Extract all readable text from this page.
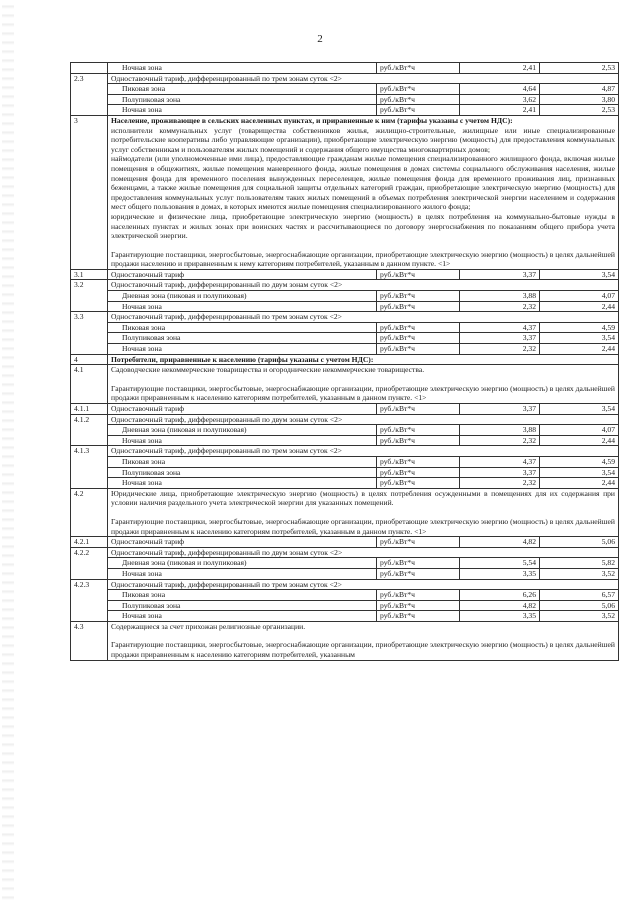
2
	Ночная зона	руб./кВт*ч	2,41	2,53
2.3	Одноставочный тариф, дифференцированный по трем зонам суток <2>			
	Пиковая зона	руб./кВт*ч	4,64	4,87
	Полупиковая зона	руб./кВт*ч	3,62	3,80
	Ночная зона	руб./кВт*ч	2,41	2,53
3	Население, проживающее в сельских населенных пунктах, и приравненные к ним (тарифы указаны с учетом НДС):
исполнители коммунальных услуг (товарищества собственников жилья, жилищно-строительные, жилищные или иные специализированные потребительские кооперативы либо управляющие организации), приобретающие электрическую энергию (мощность) для предоставления коммунальных услуг собственникам и пользователям жилых помещений и содержания общего имущества многоквартирных домов;
наймодатели (или уполномоченные ими лица), предоставляющие гражданам жилые помещения специализированного жилищного фонда, включая жилые помещения в общежитиях, жилые помещения маневренного фонда, жилые помещения в домах системы социального обслуживания населения, жилые помещения фонда для временного поселения вынужденных переселенцев, жилые помещения фонда для временного проживания лиц, признанных беженцами, а также жилые помещения для социальной защиты отдельных категорий граждан, приобретающие электрическую энергию (мощность) для предоставления коммунальных услуг пользователям таких жилых помещений в объемах потребления электрической энергии населением и содержания мест общего пользования в домах, в которых имеются жилые помещения специализированного жилого фонда;
юридические и физические лица, приобретающие электрическую энергию (мощность) в целях потребления на коммунально-бытовые нужды в населенных пунктах и жилых зонах при воинских частях и рассчитывающиеся по договору энергоснабжения по показаниям общего прибора учета электрической энергии.
Гарантирующие поставщики, энергосбытовые, энергоснабжающие организации, приобретающие электрическую энергию (мощность) в целях дальнейшей продажи населению и приравненным к нему категориям потребителей, указанным в данном пункте. <1>			

3.1	Одноставочный тариф	руб./кВт*ч	3,37	3,54
3.2	Одноставочный тариф, дифференцированный по двум зонам суток <2>			
	Дневная зона (пиковая и полупиковая)	руб./кВт*ч	3,88	4,07
	Ночная зона	руб./кВт*ч	2,32	2,44
3.3	Одноставочный тариф, дифференцированный по трем зонам суток <2>			
	Пиковая зона	руб./кВт*ч	4,37	4,59
	Полупиковая зона	руб./кВт*ч	3,37	3,54
	Ночная зона	руб./кВт*ч	2,32	2,44
4	Потребители, приравненные к населению (тарифы указаны с учетом НДС):			
4.1	Садоводческие некоммерческие товарищества и огороднические некоммерческие товарищества.
Гарантирующие поставщики, энергосбытовые, энергоснабжающие организации, приобретающие электрическую энергию (мощность) в целях дальнейшей продажи приравненным к населению категориям потребителей, указанным в данном пункте. <1>			

4.1.1	Одноставочный тариф	руб./кВт*ч	3,37	3,54
4.1.2	Одноставочный тариф, дифференцированный по двум зонам суток <2>			
	Дневная зона (пиковая и полупиковая)	руб./кВт*ч	3,88	4,07
	Ночная зона	руб./кВт*ч	2,32	2,44
4.1.3	Одноставочный тариф, дифференцированный по трем зонам суток <2>			
	Пиковая зона	руб./кВт*ч	4,37	4,59
	Полупиковая зона	руб./кВт*ч	3,37	3,54
	Ночная зона	руб./кВт*ч	2,32	2,44
4.2	Юридические лица, приобретающие электрическую энергию (мощность) в целях потребления осужденными в помещениях для их содержания при условии наличия раздельного учета электрической энергии для указанных помещений.
Гарантирующие поставщики, энергосбытовые, энергоснабжающие организации, приобретающие электрическую энергию (мощность) в целях дальнейшей продажи приравненным к населению категориям потребителей, указанным в данном пункте. <1>			

4.2.1	Одноставочный тариф	руб./кВт*ч	4,82	5,06
4.2.2	Одноставочный тариф, дифференцированный по двум зонам суток <2>			
	Дневная зона (пиковая и полупиковая)	руб./кВт*ч	5,54	5,82
	Ночная зона	руб./кВт*ч	3,35	3,52
4.2.3	Одноставочный тариф, дифференцированный по трем зонам суток <2>			
	Пиковая зона	руб./кВт*ч	6,26	6,57
	Полупиковая зона	руб./кВт*ч	4,82	5,06
	Ночная зона	руб./кВт*ч	3,35	3,52
4.3	Содержащиеся за счет прихожан религиозные организации.
Гарантирующие поставщики, энергосбытовые, энергоснабжающие организации, приобретающие электрическую энергию (мощность) в целях дальнейшей продажи приравненным к населению категориям потребителей, указанным			
